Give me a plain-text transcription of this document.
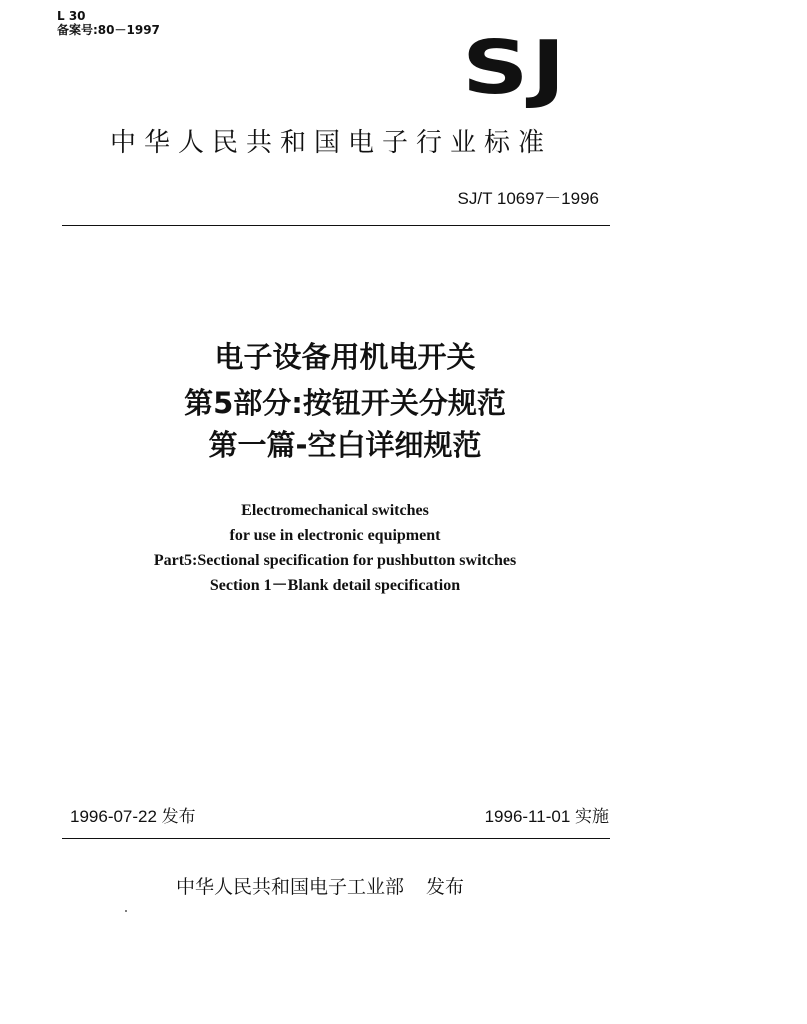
L 30
备案号:80－1997	SJ
中华人民共和国电子行业标准
SJ/T 10697－1996
电子设备用机电开关
第5部分:按钮开关分规范
第一篇-空白详细规范
Electromechanical switches
for use in electronic equipment
Part5:Sectional specification for pushbutton switches
Section 1－Blank detail specification
1996-07-22 发布	1996-11-01 实施
中华人民共和国电子工业部 发布
